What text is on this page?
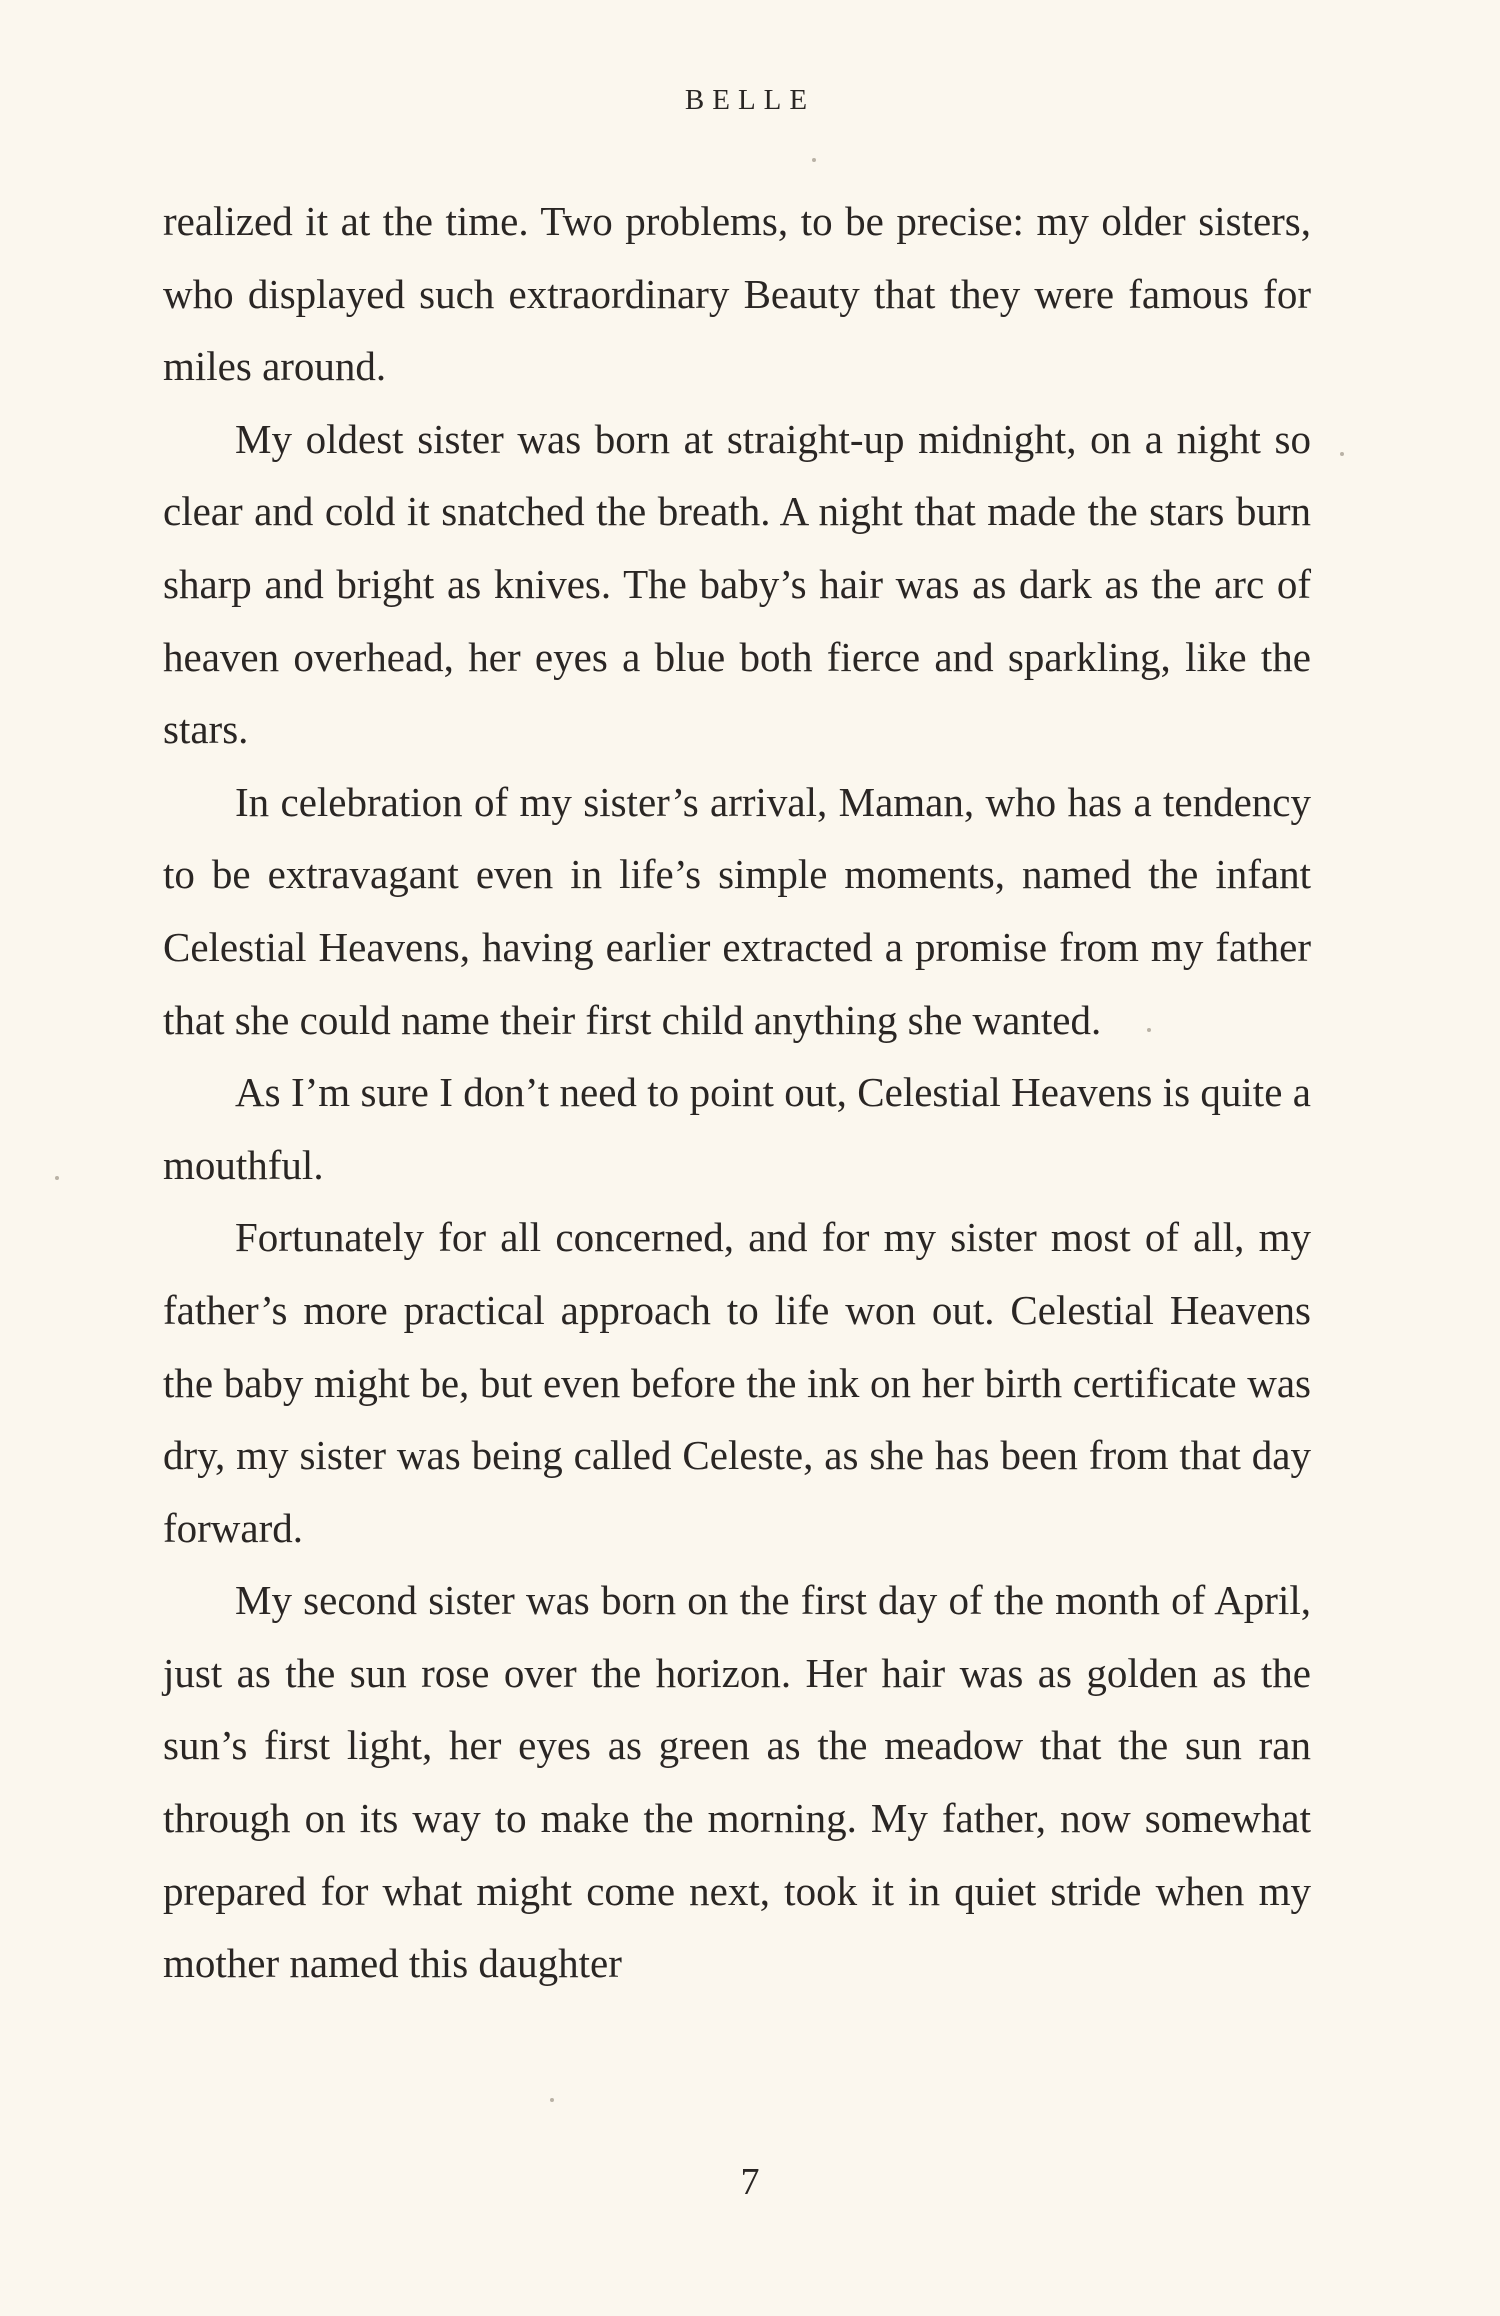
BELLE

realized it at the time. Two problems, to be precise: my older sisters, who displayed such extraordinary Beauty that they were famous for miles around.

My oldest sister was born at straight-up midnight, on a night so clear and cold it snatched the breath. A night that made the stars burn sharp and bright as knives. The baby’s hair was as dark as the arc of heaven overhead, her eyes a blue both fierce and sparkling, like the stars.

In celebration of my sister’s arrival, Maman, who has a tendency to be extravagant even in life’s simple moments, named the infant Celestial Heavens, having earlier extracted a promise from my father that she could name their first child anything she wanted.

As I’m sure I don’t need to point out, Celestial Heavens is quite a mouthful.

Fortunately for all concerned, and for my sister most of all, my father’s more practical approach to life won out. Celestial Heavens the baby might be, but even before the ink on her birth certificate was dry, my sister was being called Celeste, as she has been from that day forward.

My second sister was born on the first day of the month of April, just as the sun rose over the horizon. Her hair was as golden as the sun’s first light, her eyes as green as the meadow that the sun ran through on its way to make the morning. My father, now somewhat prepared for what might come next, took it in quiet stride when my mother named this daughter

7
